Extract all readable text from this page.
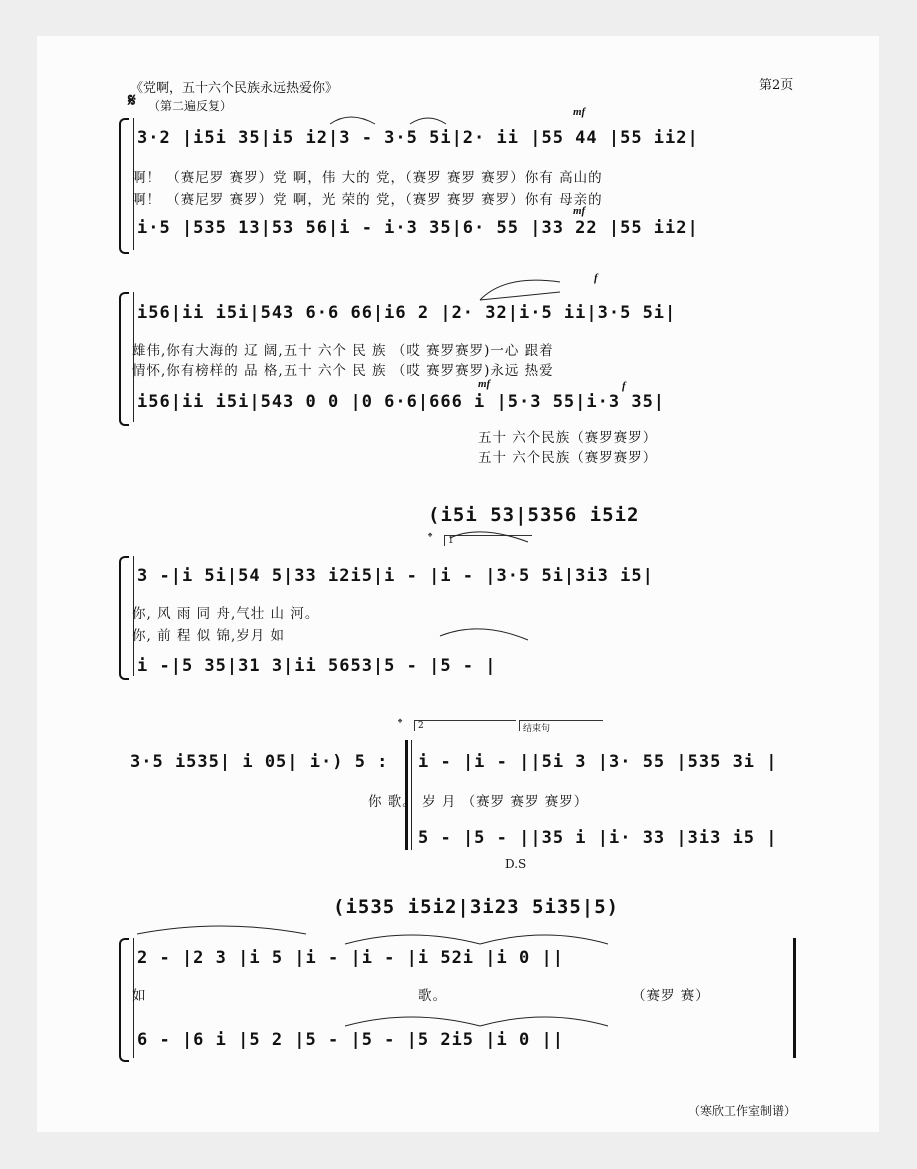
《党啊，五十六个民族永远热爱你》	第2页
𝄋 （第二遍反复）	mf
3·2 |i5i 35|i5 i2|3 - 3·5 5i|2· ii |55 44 |55 ii2|
啊！ （赛尼罗 赛罗）党 啊，伟 大的 党，（赛罗 赛罗 赛罗）你有 高山的
啊！ （赛尼罗 赛罗）党 啊，光 荣的 党，（赛罗 赛罗 赛罗）你有 母亲的
mf
i·5 |535 13|53 56|i - i·3 35|6· 55 |33 22 |55 ii2|
f
i56|ii i5i|543 6·6 66|i6 2 |2· 32|i·5 ii|3·5 5i|
雄伟,你有大海的 辽 阔,五十 六个 民 族 （哎 赛罗赛罗)一心 跟着
情怀,你有榜样的 品 格,五十 六个 民 族 （哎 赛罗赛罗)永远 热爱
mf	f
i56|ii i5i|543 0 0 |0 6·6|666 i |5·3 55|i·3 35|
五十 六个民族（赛罗赛罗）
五十 六个民族（赛罗赛罗）
(i5i 53|5356 i5i2
𝄌	1
3 -|i 5i|54 5|33 i2i5|i - |i - |3·5 5i|3i3 i5|
你, 风 雨 同 舟,气壮 山 河。
你, 前 程 似 锦,岁月 如
i -|5 35|31 3|ii 5653|5 - |5 - |
3·5 i535| i 05| i·) 5 :
𝄌	2	结束句
i - |i - ||5i 3 |3· 55 |535 3i |
你 歌。 岁 月 （赛罗 赛罗 赛罗）
5 - |5 - ||35 i |i· 33 |3i3 i5 |
D.S
(i535 i5i2|3i23 5i35|5)
2 - |2 3 |i 5 |i - |i - |i 52i |i 0 ||
如	歌。	（赛罗 赛）
6 - |6 i |5 2 |5 - |5 - |5 2i5 |i 0 ||
（寒欣工作室制谱）
